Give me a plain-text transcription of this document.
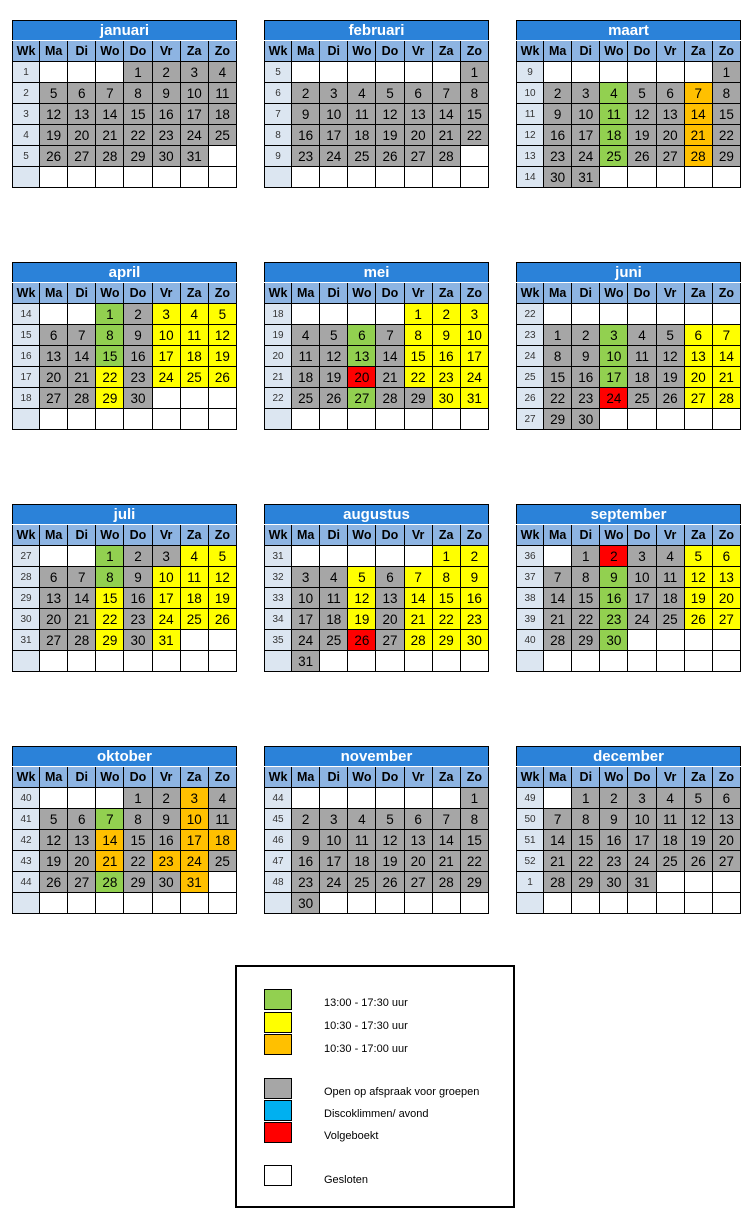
januari							
Wk	Ma	Di	Wo	Do	Vr	Za	Zo
1				1	2	3	4
2	5	6	7	8	9	10	11
3	12	13	14	15	16	17	18
4	19	20	21	22	23	24	25
5	26	27	28	29	30	31	

februari							
Wk	Ma	Di	Wo	Do	Vr	Za	Zo
5							1
6	2	3	4	5	6	7	8
7	9	10	11	12	13	14	15
8	16	17	18	19	20	21	22
9	23	24	25	26	27	28	

maart							
Wk	Ma	Di	Wo	Do	Vr	Za	Zo
9							1
10	2	3	4	5	6	7	8
11	9	10	11	12	13	14	15
12	16	17	18	19	20	21	22
13	23	24	25	26	27	28	29
14	30	31					
april							
Wk	Ma	Di	Wo	Do	Vr	Za	Zo
14			1	2	3	4	5
15	6	7	8	9	10	11	12
16	13	14	15	16	17	18	19
17	20	21	22	23	24	25	26
18	27	28	29	30			

mei							
Wk	Ma	Di	Wo	Do	Vr	Za	Zo
18					1	2	3
19	4	5	6	7	8	9	10
20	11	12	13	14	15	16	17
21	18	19	20	21	22	23	24
22	25	26	27	28	29	30	31

juni							
Wk	Ma	Di	Wo	Do	Vr	Za	Zo
22							
23	1	2	3	4	5	6	7
24	8	9	10	11	12	13	14
25	15	16	17	18	19	20	21
26	22	23	24	25	26	27	28
27	29	30					
juli							
Wk	Ma	Di	Wo	Do	Vr	Za	Zo
27			1	2	3	4	5
28	6	7	8	9	10	11	12
29	13	14	15	16	17	18	19
30	20	21	22	23	24	25	26
31	27	28	29	30	31		

augustus							
Wk	Ma	Di	Wo	Do	Vr	Za	Zo
31						1	2
32	3	4	5	6	7	8	9
33	10	11	12	13	14	15	16
34	17	18	19	20	21	22	23
35	24	25	26	27	28	29	30
	31						
september							
Wk	Ma	Di	Wo	Do	Vr	Za	Zo
36		1	2	3	4	5	6
37	7	8	9	10	11	12	13
38	14	15	16	17	18	19	20
39	21	22	23	24	25	26	27
40	28	29	30				

oktober							
Wk	Ma	Di	Wo	Do	Vr	Za	Zo
40				1	2	3	4
41	5	6	7	8	9	10	11
42	12	13	14	15	16	17	18
43	19	20	21	22	23	24	25
44	26	27	28	29	30	31	

november							
Wk	Ma	Di	Wo	Do	Vr	Za	Zo
44							1
45	2	3	4	5	6	7	8
46	9	10	11	12	13	14	15
47	16	17	18	19	20	21	22
48	23	24	25	26	27	28	29
	30						
december							
Wk	Ma	Di	Wo	Do	Vr	Za	Zo
49		1	2	3	4	5	6
50	7	8	9	10	11	12	13
51	14	15	16	17	18	19	20
52	21	22	23	24	25	26	27
1	28	29	30	31			

13:00 - 17:30 uur
10:30 - 17:30 uur
10:30 - 17:00 uur
Open op afspraak voor groepen
Discoklimmen/ avond
Volgeboekt
Gesloten
